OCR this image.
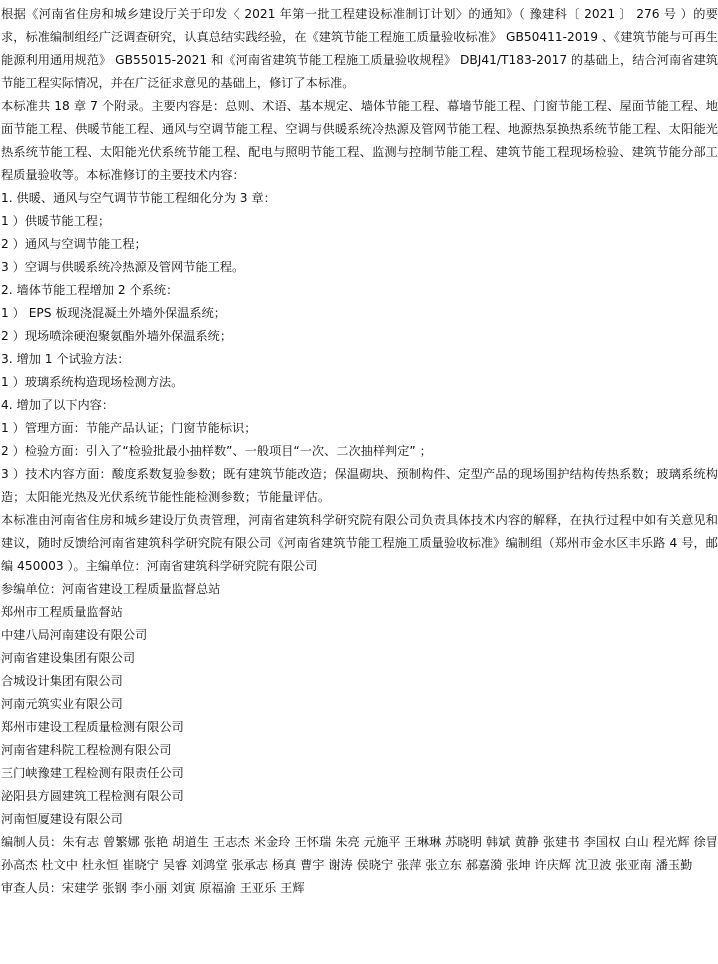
根据《河南省住房和城乡建设厅关于印发〈 2021 年第一批工程建设标准制订计划〉的通知》（ 豫建科〔 2021 〕 276 号 ）的要求，标准编制组经广泛调查研究，认真总结实践经验，在《建筑节能工程施工质量验收标准》 GB50411-2019 、《建筑节能与可再生能源利用通用规范》 GB55015-2021 和《河南省建筑节能工程施工质量验收规程》 DBJ41/T183-2017 的基础上，结合河南省建筑节能工程实际情况，并在广泛征求意见的基础上，修订了本标准。

本标准共 18 章 7 个附录。主要内容是：总则、术语、基本规定、墙体节能工程、幕墙节能工程、门窗节能工程、屋面节能工程、地面节能工程、供暖节能工程、通风与空调节能工程、空调与供暖系统冷热源及管网节能工程、地源热泵换热系统节能工程、太阳能光热系统节能工程、太阳能光伏系统节能工程、配电与照明节能工程、监测与控制节能工程、建筑节能工程现场检验、建筑节能分部工程质量验收等。本标准修订的主要技术内容：

1. 供暖、通风与空气调节节能工程细化分为 3 章：

1 ）供暖节能工程；

2 ）通风与空调节能工程；

3 ）空调与供暖系统冷热源及管网节能工程。

2. 墙体节能工程增加 2 个系统：

1 ） EPS 板现浇混凝土外墙外保温系统；

2 ）现场喷涂硬泡聚氨酯外墙外保温系统；

3. 增加 1 个试验方法：

1 ）玻璃系统构造现场检测方法。

4. 增加了以下内容：

1 ）管理方面：节能产品认证；门窗节能标识；

2 ）检验方面：引入了“检验批最小抽样数”、一般项目“一次、二次抽样判定” ；

3 ）技术内容方面：酸度系数复验参数；既有建筑节能改造；保温砌块、预制构件、定型产品的现场围护结构传热系数；玻璃系统构造；太阳能光热及光伏系统节能性能检测参数；节能量评估。

本标准由河南省住房和城乡建设厅负责管理，河南省建筑科学研究院有限公司负责具体技术内容的解释，在执行过程中如有关意见和建议，随时反馈给河南省建筑科学研究院有限公司《河南省建筑节能工程施工质量验收标准》编制组（郑州市金水区丰乐路 4 号，邮编 450003 ）。主编单位：河南省建筑科学研究院有限公司

参编单位：河南省建设工程质量监督总站

郑州市工程质量监督站

中建八局河南建设有限公司

河南省建设集团有限公司

合城设计集团有限公司

河南元筑实业有限公司

郑州市建设工程质量检测有限公司

河南省建科院工程检测有限公司

三门峡豫建工程检测有限责任公司

泌阳县方圆建筑工程检测有限公司

河南恒厦建设有限公司

编制人员：朱有志 曾繁娜 张艳 胡道生 王志杰 米金玲 王怀瑞 朱亮 元施平 王琳琳 苏晓明 韩斌 黄静 张建书 李国权 白山 程光辉 徐冒 孙高杰 杜文中 杜永恒 崔晓宁 吴睿 刘鸿堂 张承志 杨真 曹宇 谢涛 侯晓宁 张萍 张立东 郝嘉漪 张坤 许庆辉 沈卫波 张亚南 潘玉勤

审查人员：宋建学 张钢 李小丽 刘寅 原福渝 王亚乐 王辉
